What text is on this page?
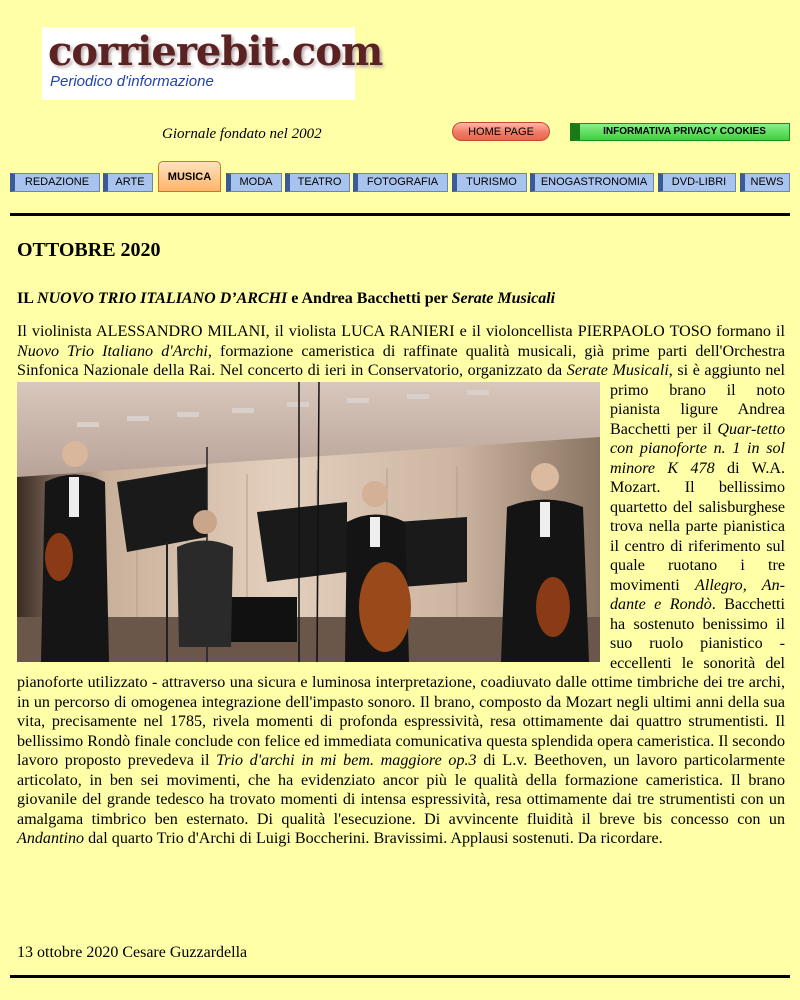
corrierebit.com
Periodico d'informazione
Giornale fondato nel 2002	HOME PAGE	INFORMATIVA PRIVACY COOKIES
REDAZIONE	ARTE	MUSICA	MODA	TEATRO	FOTOGRAFIA	TURISMO	ENOGASTRONOMIA	DVD-LIBRI	NEWS
OTTOBRE 2020
IL NUOVO TRIO ITALIANO D’ARCHI e Andrea Bacchetti per Serate Musicali
Il violinista ALESSANDRO MILANI, il violista LUCA RANIERI e il violoncellista PIERPAOLO TOSO formano il Nuovo Trio Italiano d'Archi, formazione cameristica di raffinate qualità musicali, già prime parti dell'Orchestra Sinfonica Nazionale della Rai. Nel concerto di ieri in Conservatorio, organizzato da Serate Musicali
, si è aggiunto nel primo brano il noto pianista ligure Andrea Bacchetti per il Quar-tetto con pianoforte n. 1 in sol minore K 478 di W.A. Mozart. Il bellissimo quartetto del salisburghese trova nella parte pianistica il centro di riferimento sul quale ruotano i tre movimenti Allegro, An-dante e Rondò. Bacchetti ha sostenuto benissimo il suo ruolo pianistico - eccellenti le sonorità del pianoforte utilizzato - attraverso una sicura e luminosa interpretazione, coadiuvato dalle ottime timbriche dei tre archi, in un percorso di omogenea integrazione dell'impasto sonoro. Il brano, composto da Mozart negli ultimi anni della sua vita, precisamente nel 1785, rivela momenti di profonda espressività, resa ottimamente dai quattro strumentisti. Il bellissimo Rondò finale conclude con felice ed immediata comunicativa questa splendida opera cameristica. Il secondo lavoro proposto prevedeva il Trio d'archi in mi bem. maggiore op.3 di L.v. Beethoven, un lavoro particolarmente articolato, in ben sei movimenti, che ha evidenziato ancor più le qualità della formazione cameristica. Il brano giovanile del grande tedesco ha trovato momenti di intensa espressività, resa ottimamente dai tre strumentisti con un amalgama timbrico ben esternato. Di qualità l'esecuzione. Di avvincente fluidità il breve bis concesso con un Andantino dal quarto Trio d'Archi di Luigi Boccherini. Bravissimi. Applausi sostenuti. Da ricordare.
13 ottobre 2020 Cesare Guzzardella
